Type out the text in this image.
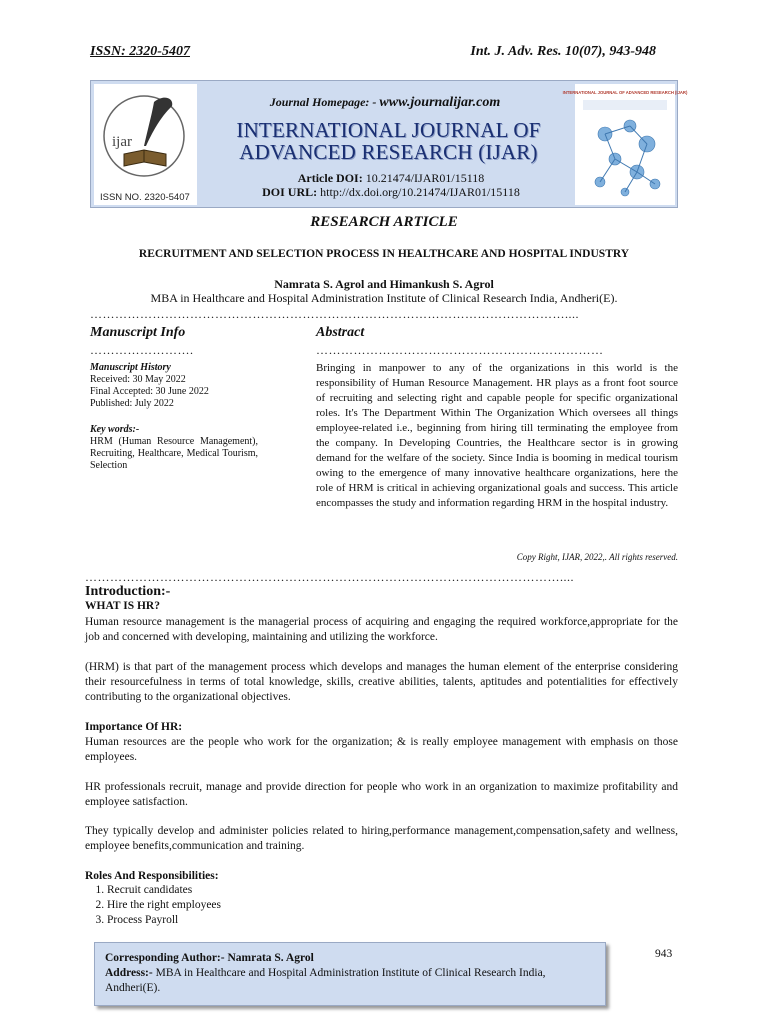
ISSN: 2320-5407	Int. J. Adv. Res. 10(07), 943-948
ijar
ISSN NO. 2320-5407
Journal Homepage: - www.journalijar.com
INTERNATIONAL JOURNAL OF
ADVANCED RESEARCH (IJAR)
Article DOI: 10.21474/IJAR01/15118
DOI URL: http://dx.doi.org/10.21474/IJAR01/15118
INTERNATIONAL JOURNAL OF ADVANCED RESEARCH (IJAR)
RESEARCH ARTICLE
RECRUITMENT AND SELECTION PROCESS IN HEALTHCARE AND HOSPITAL INDUSTRY
Namrata S. Agrol and Himankush S. Agrol
MBA in Healthcare and Hospital Administration Institute of Clinical Research India, Andheri(E).
……………………………………………………………………………………………………....
Manuscript Info	Abstract
…………………….	……………………………………………………………
Manuscript History
Received: 30 May 2022
Final Accepted: 30 June 2022
Published: July 2022
Key words:-
HRM (Human Resource Management), Recruiting, Healthcare, Medical Tourism, Selection
Bringing in manpower to any of the organizations in this world is the responsibility of Human Resource Management. HR plays as a front foot source of recruiting and selecting right and capable people for specific organizational roles. It's The Department Within The Organization Which oversees all things employee-related i.e., beginning from hiring till terminating the employee from the company. In Developing Countries, the Healthcare sector is in growing demand for the welfare of the society. Since India is booming in medical tourism owing to the emergence of many innovative healthcare organizations, here the role of HRM is critical in achieving organizational goals and success. This article encompasses the study and information regarding HRM in the hospital industry.
Copy Right, IJAR, 2022,. All rights reserved.
……………………………………………………………………………………………………....
Introduction:-
WHAT IS HR?
Human resource management is the managerial process of acquiring and engaging the required workforce,appropriate for the job and concerned with developing, maintaining and utilizing the workforce.
(HRM) is that part of the management process which develops and manages the human element of the enterprise considering their resourcefulness in terms of total knowledge, skills, creative abilities, talents, aptitudes and potentialities for effectively contributing to the organizational objectives.
Importance Of HR:
Human resources are the people who work for the organization; & is really employee management with emphasis on those employees.
HR professionals recruit, manage and provide direction for people who work in an organization to maximize profitability and employee satisfaction.
They typically develop and administer policies related to hiring,performance management,compensation,safety and wellness, employee benefits,communication and training.
Roles And Responsibilities:
1. Recruit candidates
2. Hire the right employees
3. Process Payroll
Corresponding Author:- Namrata S. Agrol
Address:- MBA in Healthcare and Hospital Administration Institute of Clinical Research India, Andheri(E).
943
